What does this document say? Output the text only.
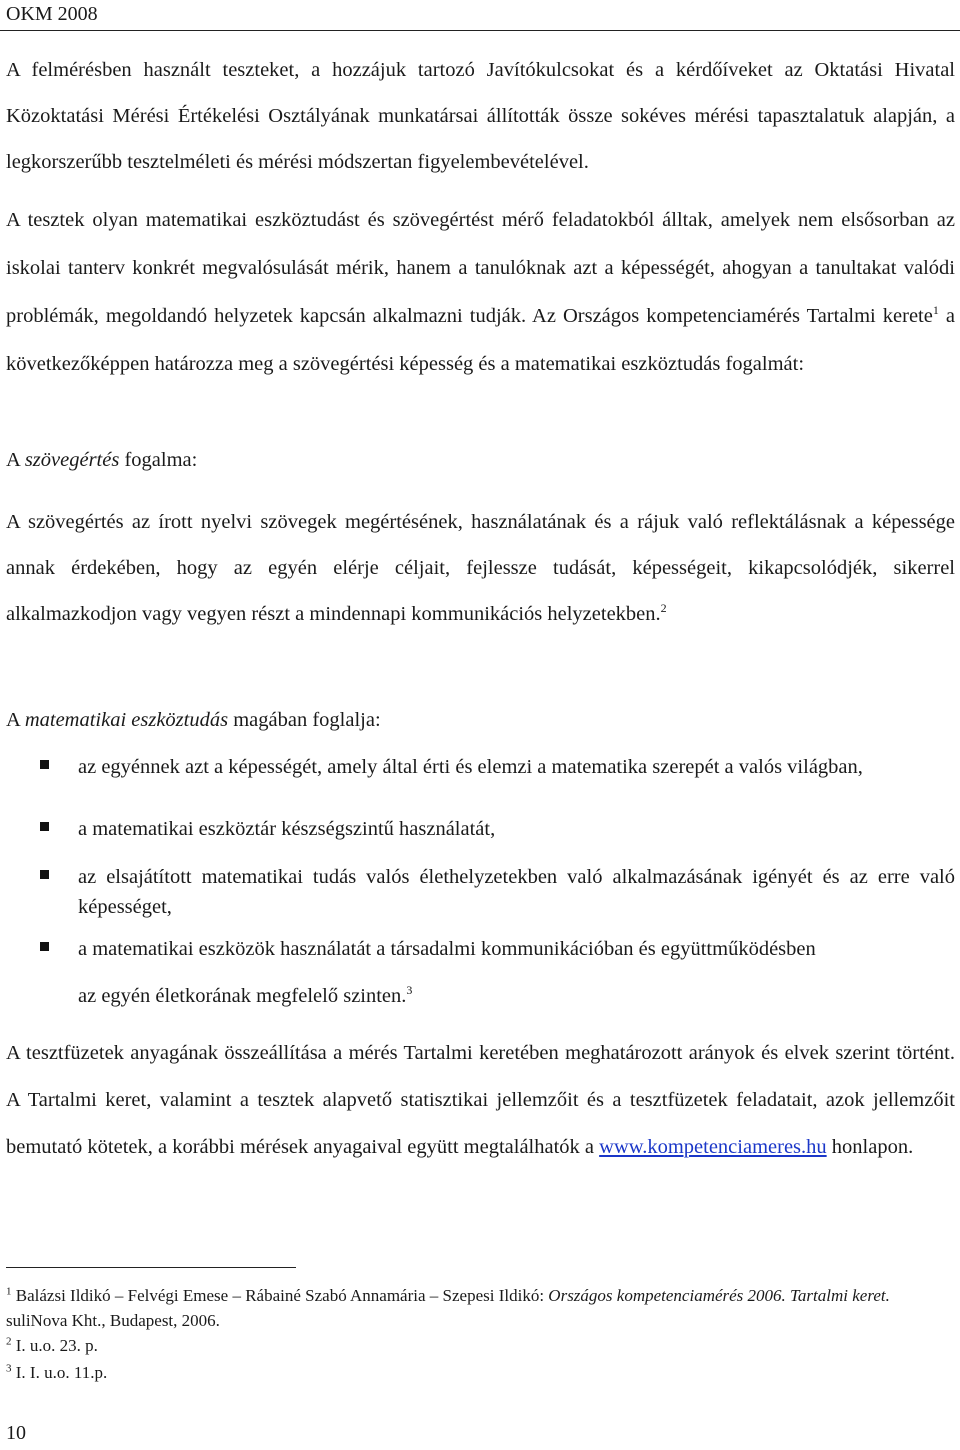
OKM 2008

A felmérésben használt teszteket, a hozzájuk tartozó Javítókulcsokat és a kérdőíveket az Oktatási Hivatal Közoktatási Mérési Értékelési Osztályának munkatársai állították össze sokéves mérési tapasztalatuk alapján, a legkorszerűbb tesztelméleti és mérési módszertan figyelembevételével.

A tesztek olyan matematikai eszköztudást és szövegértést mérő feladatokból álltak, amelyek nem elsősorban az iskolai tanterv konkrét megvalósulását mérik, hanem a tanulóknak azt a képességét, ahogyan a tanultakat valódi problémák, megoldandó helyzetek kapcsán alkalmazni tudják. Az Országos kompetenciamérés Tartalmi kerete$^1$ a következőképpen határozza meg a szövegértési képesség és a matematikai eszköztudás fogalmát:

A szövegértés fogalma:

A szövegértés az írott nyelvi szövegek megértésének, használatának és a rájuk való reflektálásnak a képessége annak érdekében, hogy az egyén elérje céljait, fejlessze tudását, képességeit, kikapcsolódjék, sikerrel alkalmazkodjon vagy vegyen részt a mindennapi kommunikációs helyzetekben.$^2$

A matematikai eszköztudás magában foglalja:

az egyénnek azt a képességét, amely által érti és elemzi a matematika szerepét a valós világban,
a matematikai eszköztár készségszintű használatát,
az elsajátított matematikai tudás valós élethelyzetekben való alkalmazásának igényét és az erre való képességet,
a matematikai eszközök használatát a társadalmi kommunikációban és együttműködésben
az egyén életkorának megfelelő szinten.$^3$

A tesztfüzetek anyagának összeállítása a mérés Tartalmi keretében meghatározott arányok és elvek szerint történt. A Tartalmi keret, valamint a tesztek alapvető statisztikai jellemzőit és a tesztfüzetek feladatait, azok jellemzőit bemutató kötetek, a korábbi mérések anyagaival együtt megtalálhatók a www.kompetenciameres.hu honlapon.

$^1$ Balázsi Ildikó – Felvégi Emese – Rábainé Szabó Annamária – Szepesi Ildikó: Országos kompetenciamérés 2006. Tartalmi keret. suliNova Kht., Budapest, 2006.
$^2$ I. u.o. 23. p.
$^3$ I. I. u.o. 11.p.
10
